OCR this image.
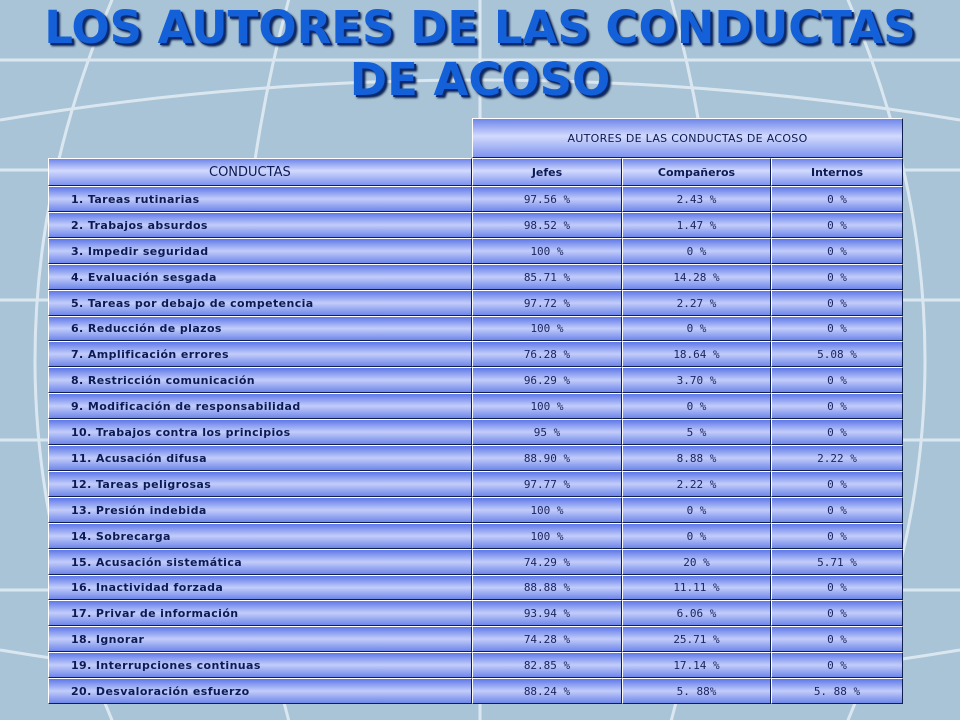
LOS AUTORES DE LAS CONDUCTAS
DE ACOSO
AUTORES DE LAS CONDUCTAS DE ACOSO
CONDUCTAS	Jefes	Compañeros	Internos
1. Tareas rutinarias	97.56 %	2.43 %	0 %
2. Trabajos absurdos	98.52 %	1.47 %	0 %
3. Impedir seguridad	100 %	0 %	0 %
4. Evaluación sesgada	85.71 %	14.28 %	0 %
5. Tareas por debajo de competencia	97.72 %	2.27 %	0 %
6. Reducción de plazos	100 %	0 %	0 %
7. Amplificación errores	76.28 %	18.64 %	5.08 %
8. Restricción comunicación	96.29 %	3.70 %	0 %
9. Modificación de responsabilidad	100 %	0 %	0 %
10. Trabajos contra los principios	95 %	5 %	0 %
11. Acusación difusa	88.90 %	8.88 %	2.22 %
12. Tareas peligrosas	97.77 %	2.22 %	0 %
13. Presión indebida	100 %	0 %	0 %
14. Sobrecarga	100 %	0 %	0 %
15. Acusación sistemática	74.29 %	20 %	5.71 %
16. Inactividad forzada	88.88 %	11.11 %	0 %
17. Privar de información	93.94 %	6.06 %	0 %
18. Ignorar	74.28 %	25.71 %	0 %
19. Interrupciones continuas	82.85 %	17.14 %	0 %
20. Desvaloración esfuerzo	88.24 %	5. 88%	5. 88 %
